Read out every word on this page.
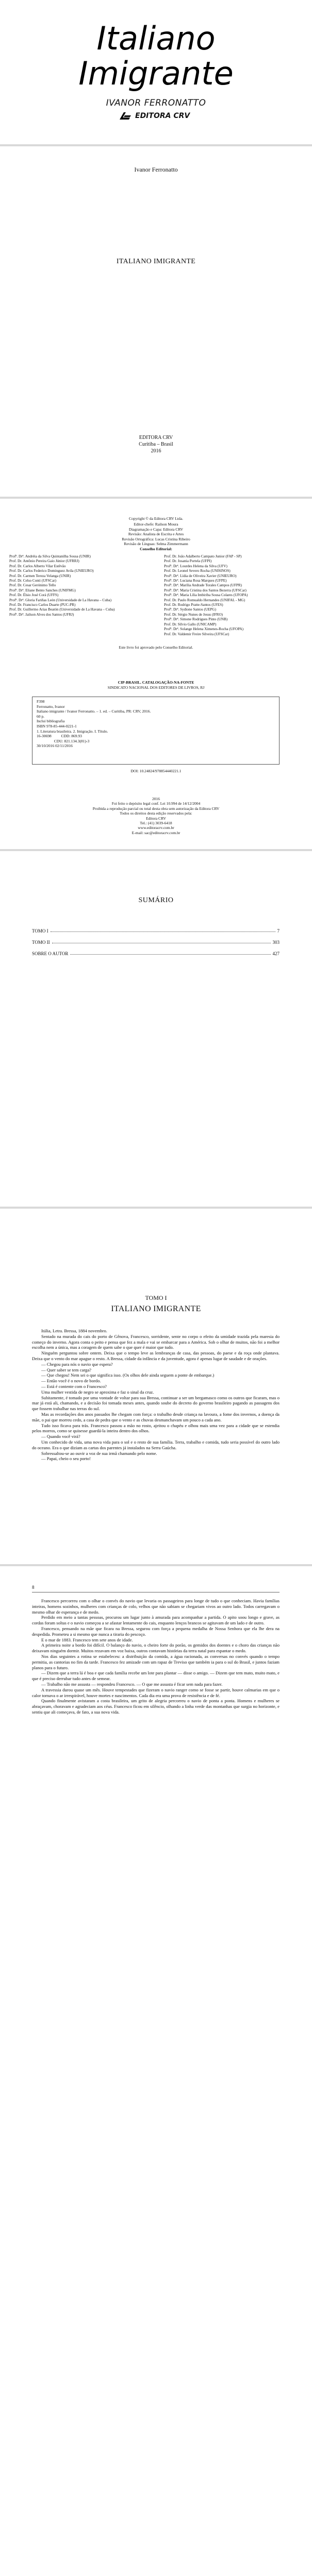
Italiano
Imigrante
IVANOR FERRONATTO
EDITORA CRV
Ivanor Ferronatto
ITALIANO IMIGRANTE
EDITORA CRV
Curitiba – Brasil
2016
Copyright © da Editora CRV Ltda.
Editor-chefe: Railson Moura
Diagramação e Capa: Editora CRV
Revisão: Analista de Escrita e Artes
Revisão Ortográfica: Lucas Cristina Ribeiro
Revisão de Línguas: Selma Zimmermann
Conselho Editorial:
Profª. Drª. Andréia da Silva Quintanilha Sousa (UNIR)
Prof. Dr. Antônio Pereira Gaio Júnior (UFRRJ)
Prof. Dr. Carlos Alberto Vilar Estêvão
Prof. Dr. Carlos Federico Dominguez Avila (UNIEURO)
Prof. Dr. Carmen Tereza Velanga (UNIR)
Prof. Dr. Celso Conti (UFSCar)
Prof. Dr. Cesar Gerónimo Tello
Profª. Drª. Eliane Bento Sanches (UNIFMG)
Prof. Dr. Élsio José Corá (UFFS)
Profª. Drª. Gloria Fariñas León (Universidade de La Havana – Cuba)
Prof. Dr. Francisco Carlos Duarte (PUC-PR)
Prof. Dr. Guillermo Arias Beatón (Universidade de La Havana – Cuba)
Profª. Drª. Jailson Alves dos Santos (UFRJ)
Prof. Dr. João Adalberto Campato Junior (FAP - SP)
Prof. Dr. Josania Portela (UFPI)
Profª. Drª. Lourdes Helena da Silva (UFV)
Prof. Dr. Leonel Severo Rocha (UNISINOS)
Profª. Drª. Lídia de Oliveira Xavier (UNIEURO)
Profª. Drª. Luciana Rosa Marques (UFPE)
Profª. Drª. Marília Andrade Torales Campos (UFPR)
Profª. Drª. Maria Cristina dos Santos Bezerra (UFSCar)
Profª. Drª. Maria Lília Imbiriba Sousa Colares (UFOPA)
Prof. Dr. Paulo Romualdo Hernandes (UNIFAL - MG)
Prof. Dr. Rodrigo Pratte-Santos (UFES)
Profª. Drª. Sydione Santos (UEPG)
Prof. Dr. Sérgio Nunes de Jesus (IFRO)
Profª. Drª. Simone Rodrigues Pinto (UNB)
Prof. Dr. Sílvio Gallo (UNICAMP)
Profª. Drª. Solange Helena Ximenes-Rocha (UFOPA)
Prof. Dr. Valdemir Freire Silveira (UFSCar)
Este livro foi aprovado pelo Conselho Editorial.
CIP-BRASIL. CATALOGAÇÃO-NA-FONTE
SINDICATO NACIONAL DOS EDITORES DE LIVROS, RJ
F398
Ferronatto, Ivanor
Italiano imigrante / Ivanor Ferronatto. – 1. ed. – Curitiba, PR: CRV, 2016.
60 p.
Inclui bibliografia
ISBN 978-85-444-0221-1
1. Literatura brasileira. 2. Imigração. I. Título.
16-30698          CDD: 869.93
CDU: 821.134.3(81)-3
30/10/2016 02/11/2016
DOI: 10.24824/978854440221.1
2016
Foi feito o depósito legal conf. Lei 10.994 de 14/12/2004
Proibida a reprodução parcial ou total desta obra sem autorização da Editora CRV
Todos os direitos desta edição reservados pela:
Editora CRV
Tel.: (41) 3039-6418
www.editoracrv.com.br
E-mail: sac@editoracrv.com.br
SUMÁRIO
TOMO I	7
TOMO II	303
SOBRE O AUTOR	427
TOMO I
ITALIANO IMIGRANTE

Itália, Letra. Bressa, 1884 novembro.

Sentado na murada do cais do porto de Gênova, Francesco, sorridente, sente no corpo o efeito da umidade trazida pela maresia do começo do inverno. Agora conta o peito e pensa que fez a mala e vai se embarcar para a América. Sob o olhar de muitos, não foi a melhor escolha nem a única, mas a coragem de quem sabe o que quer é maior que tudo.

Ninguém perguntou sobre ontem. Deixa que o tempo leve as lembranças de casa, das pessoas, do paese e da roça onde plantava. Deixa que o vento do mar apague o resto. A Bressa, cidade da infância e da juventude, agora é apenas lugar de saudade e de orações.

— Chegou para nós o navio que espera?

— Quer saber se tem carga?

— Que chegou! Nem sei o que significa isso. (Os olhos dele ainda seguem a ponte de embarque.)

— Então você é o novo de bordo.

— Está é contente com o Francesco?

Uma mulher vestida de negro se aproxima e faz o sinal da cruz.

Subitamente, é tomado por uma vontade de voltar para sua Bressa, continuar a ser um bergamasco como os outros que ficaram, mas o mar já está ali, chamando, e a decisão foi tomada meses antes, quando soube do decreto do governo brasileiro pagando as passagens dos que fossem trabalhar nas terras do sul.

Mas as recordações dos anos passados lhe chegam com força: o trabalho desde criança na lavoura, a fome dos invernos, a doença da mãe, o pai que morreu cedo, a casa de pedra que o vento e as chuvas desmanchavam um pouco a cada ano.

Tudo isso ficava para trás. Francesco passou a mão no rosto, ajeitou o chapéu e olhou mais uma vez para a cidade que se estendia pelos morros, como se quisesse guardá-la inteira dentro dos olhos.

— Quando você virá?

Um conhecido de vida, uma nova vida para o sol e o resto de sua família. Terra, trabalho e comida, tudo seria possível do outro lado do oceano. Era o que diziam as cartas dos parentes já instalados na Serra Gaúcha.

Sobressaltou-se ao ouvir a voz de sua irmã chamando pelo nome.

— Papai, cheio o seu porto!

8

Francesco percorreu com o olhar o convés do navio que levaria os passageiros para longe de tudo o que conheciam. Havia famílias inteiras, homens sozinhos, mulheres com crianças de colo, velhos que não sabiam se chegariam vivos ao outro lado. Todos carregavam o mesmo olhar de esperança e de medo.

Perdido em meio a tantas pessoas, procurou um lugar junto à amurada para acompanhar a partida. O apito soou longo e grave, as cordas foram soltas e o navio começou a se afastar lentamente do cais, enquanto lenços brancos se agitavam de um lado e de outro.

Francesco, pensando na mãe que ficara na Bressa, segurou com força a pequena medalha de Nossa Senhora que ela lhe dera na despedida. Prometeu a si mesmo que nunca a tiraria do pescoço.

E o mar de 1883. Francesco tem sete anos de idade.

A primeira noite a bordo foi difícil. O balanço do navio, o cheiro forte do porão, os gemidos dos doentes e o choro das crianças não deixavam ninguém dormir. Muitos rezavam em voz baixa, outros contavam histórias da terra natal para espantar o medo.

Nos dias seguintes a rotina se estabeleceu: a distribuição da comida, a água racionada, as conversas no convés quando o tempo permitia, as cantorias no fim da tarde. Francesco fez amizade com um rapaz de Treviso que também ia para o sul do Brasil, e juntos faziam planos para o futuro.

— Dizem que a terra lá é boa e que cada família recebe um lote para plantar — disse o amigo. — Dizem que tem mato, muito mato, e que é preciso derrubar tudo antes de semear.

— Trabalho não me assusta — respondeu Francesco. — O que me assusta é ficar sem nada para fazer.

A travessia durou quase um mês. Houve tempestades que fizeram o navio ranger como se fosse se partir, houve calmarias em que o calor tornava o ar irrespirável, houve mortes e nascimentos. Cada dia era uma prova de resistência e de fé.

Quando finalmente avistaram a costa brasileira, um grito de alegria percorreu o navio de ponta a ponta. Homens e mulheres se abraçavam, choravam e agradeciam aos céus. Francesco ficou em silêncio, olhando a linha verde das montanhas que surgia no horizonte, e sentiu que ali começava, de fato, a sua nova vida.
